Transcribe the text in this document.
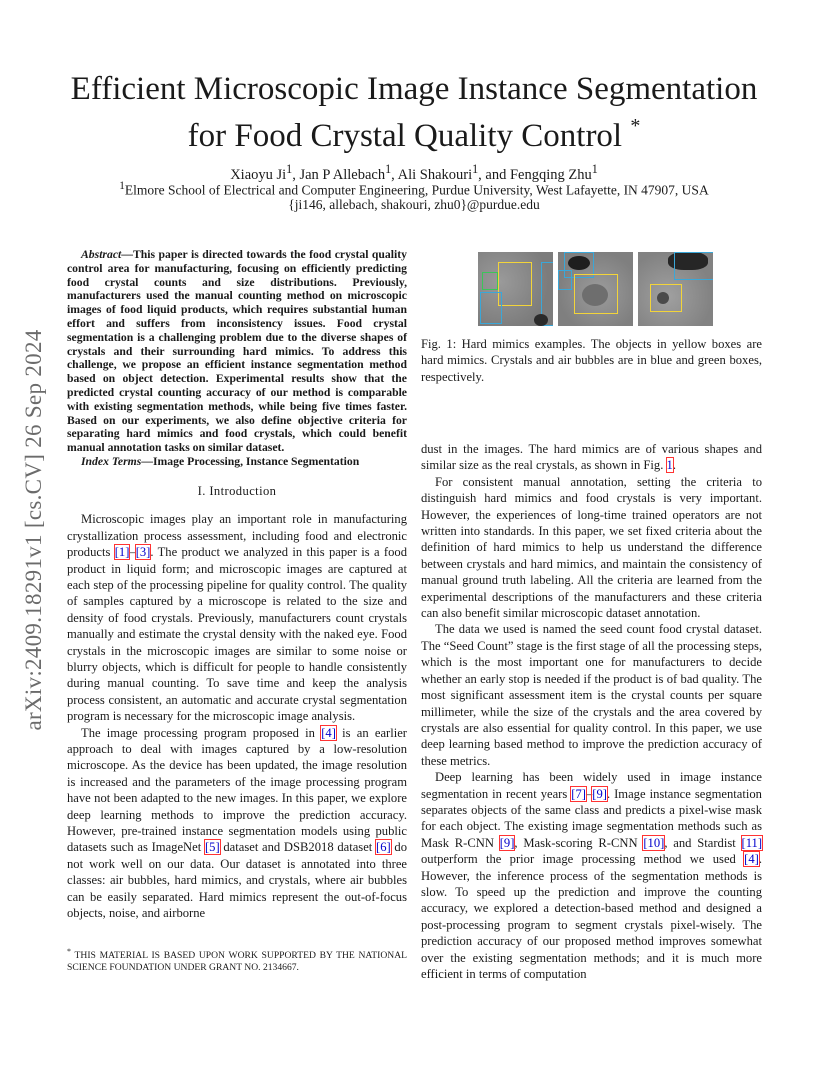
arXiv:2409.18291v1 [cs.CV] 26 Sep 2024
Efficient Microscopic Image Instance Segmentation
for Food Crystal Quality Control *
Xiaoyu Ji$^1$, Jan P Allebach$^1$, Ali Shakouri$^1$, and Fengqing Zhu$^1$
$^1$Elmore School of Electrical and Computer Engineering, Purdue University, West Lafayette, IN 47907, USA
{ji146, allebach, shakouri, zhu0}@purdue.edu

Abstract—This paper is directed towards the food crystal quality control area for manufacturing, focusing on efficiently predicting food crystal counts and size distributions. Previously, manufacturers used the manual counting method on microscopic images of food liquid products, which requires substantial human effort and suffers from inconsistency issues. Food crystal segmentation is a challenging problem due to the diverse shapes of crystals and their surrounding hard mimics. To address this challenge, we propose an efficient instance segmentation method based on object detection. Experimental results show that the predicted crystal counting accuracy of our method is comparable with existing segmentation methods, while being five times faster. Based on our experiments, we also define objective criteria for separating hard mimics and food crystals, which could benefit manual annotation tasks on similar dataset.

Index Terms—Image Processing, Instance Segmentation

I. Introduction

Microscopic images play an important role in manufacturing crystallization process assessment, including food and electronic products [1]–[3]. The product we analyzed in this paper is a food product in liquid form; and microscopic images are captured at each step of the processing pipeline for quality control. The quality of samples captured by a microscope is related to the size and density of food crystals. Previously, manufacturers count crystals manually and estimate the crystal density with the naked eye. Food crystals in the microscopic images are similar to some noise or blurry objects, which is difficult for people to handle consistently during manual counting. To save time and keep the analysis process consistent, an automatic and accurate crystal segmentation program is necessary for the microscopic image analysis.

The image processing program proposed in [4] is an earlier approach to deal with images captured by a low-resolution microscope. As the device has been updated, the image resolution is increased and the parameters of the image processing program have not been adapted to the new images. In this paper, we explore deep learning methods to improve the prediction accuracy. However, pre-trained instance segmentation models using public datasets such as ImageNet [5] dataset and DSB2018 dataset [6] do not work well on our data. Our dataset is annotated into three classes: air bubbles, hard mimics, and crystals, where air bubbles can be easily separated. Hard mimics represent the out-of-focus objects, noise, and airborne

* THIS MATERIAL IS BASED UPON WORK SUPPORTED BY THE NATIONAL SCIENCE FOUNDATION UNDER GRANT NO. 2134667.
Fig. 1: Hard mimics examples. The objects in yellow boxes are hard mimics. Crystals and air bubbles are in blue and green boxes, respectively.

dust in the images. The hard mimics are of various shapes and similar size as the real crystals, as shown in Fig. 1.

For consistent manual annotation, setting the criteria to distinguish hard mimics and food crystals is very important. However, the experiences of long-time trained operators are not written into standards. In this paper, we set fixed criteria about the definition of hard mimics to help us understand the difference between crystals and hard mimics, and maintain the consistency of manual ground truth labeling. All the criteria are learned from the experimental descriptions of the manufacturers and these criteria can also benefit similar microscopic dataset annotation.

The data we used is named the seed count food crystal dataset. The “Seed Count” stage is the first stage of all the processing steps, which is the most important one for manufacturers to decide whether an early stop is needed if the product is of bad quality. The most significant assessment item is the crystal counts per square millimeter, while the size of the crystals and the area covered by crystals are also essential for quality control. In this paper, we use deep learning based method to improve the prediction accuracy of these metrics.

Deep learning has been widely used in image instance segmentation in recent years [7]–[9]. Image instance segmentation separates objects of the same class and predicts a pixel-wise mask for each object. The existing image segmentation methods such as Mask R-CNN [9], Mask-scoring R-CNN [10], and Stardist [11] outperform the prior image processing method we used [4]. However, the inference process of the segmentation methods is slow. To speed up the prediction and improve the counting accuracy, we explored a detection-based method and designed a post-processing program to segment crystals pixel-wisely. The prediction accuracy of our proposed method improves somewhat over the existing segmentation methods; and it is much more efficient in terms of computation
